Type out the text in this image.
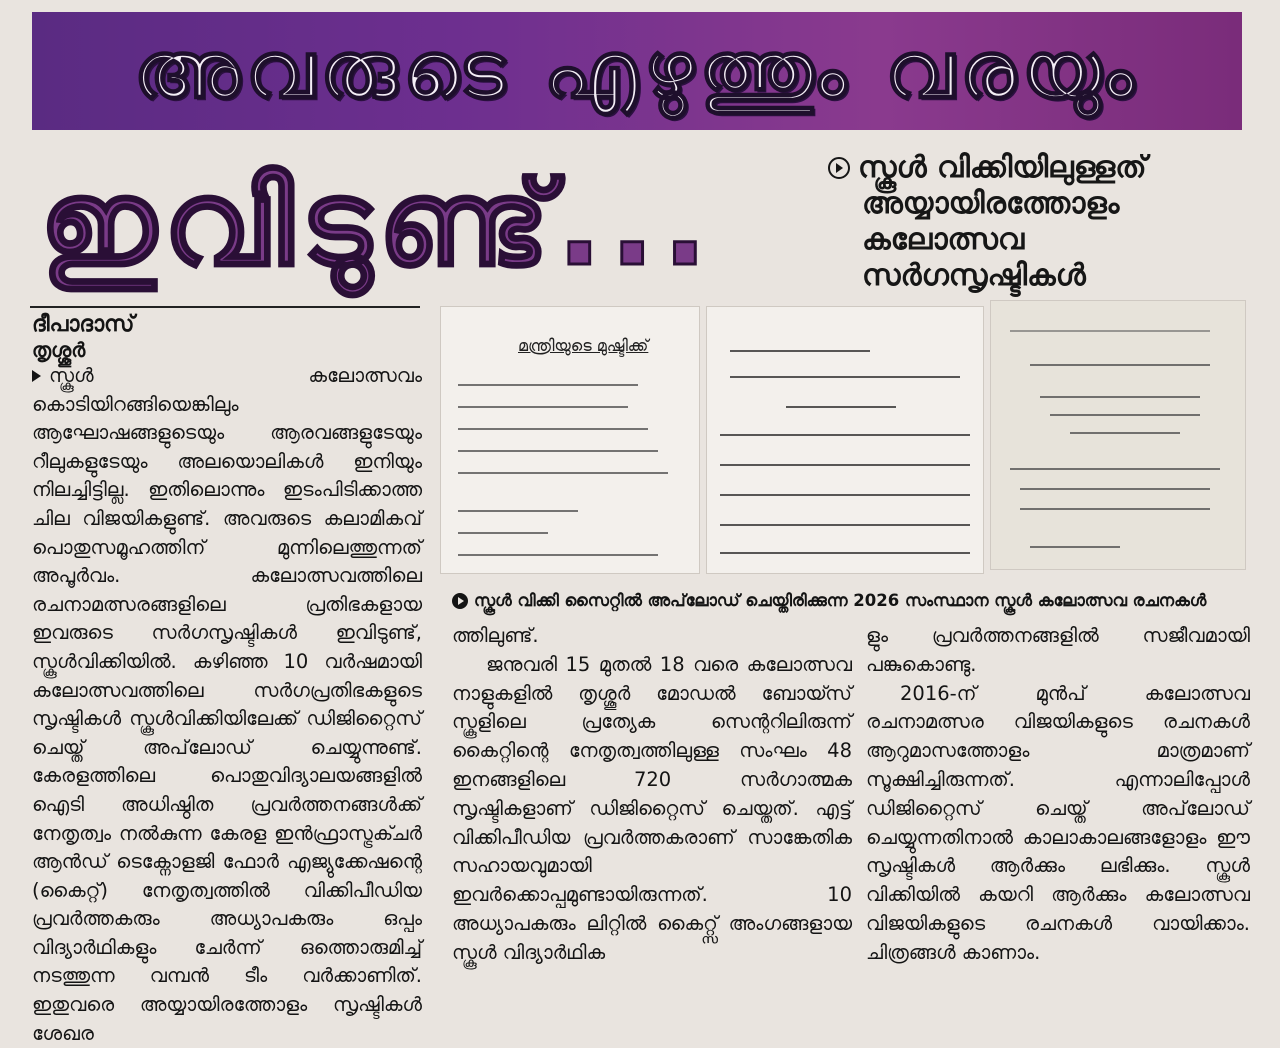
അവരുടെ എഴുത്തും വരയും
ഇവിടുണ്ട്...	സ്കൂൾ വിക്കിയിലുള്ളത്
അയ്യായിരത്തോളം
കലോത്സവ
സർഗസൃഷ്ടികൾ
ദീപാദാസ്
തൃശ്ശൂർ

സ്കൂൾ കലോത്സവം കൊടിയിറങ്ങിയെങ്കിലും ആഘോഷങ്ങളുടെയും ആരവങ്ങളുടേയും റീലുകളുടേയും അലയൊലികൾ ഇനിയും നിലച്ചിട്ടില്ല. ഇതിലൊന്നും ഇടംപിടിക്കാത്ത ചില വിജയികളുണ്ട്. അവരുടെ കലാമികവ് പൊതുസമൂഹത്തിന് മുന്നിലെത്തുന്നത് അപൂർവം. കലോത്സവത്തിലെ രചനാമത്സരങ്ങളിലെ പ്രതിഭകളായ ഇവരുടെ സർഗസൃഷ്ടികൾ ഇവിടുണ്ട്, സ്കൂൾവിക്കിയിൽ. കഴിഞ്ഞ 10 വർഷമായി കലോത്സവത്തിലെ സർഗപ്രതിഭകളുടെ സൃഷ്ടികൾ സ്കൂൾവിക്കിയിലേക്ക് ഡിജിറ്റൈസ് ചെയ്ത് അപ്‌ലോഡ് ചെയ്യുന്നുണ്ട്. കേരളത്തിലെ പൊതുവിദ്യാലയങ്ങളിൽ ഐടി അധിഷ്ഠിത പ്രവർത്തനങ്ങൾക്ക് നേതൃത്വം നൽകുന്ന കേരള ഇൻഫ്രാസ്ട്രക്ചർ ആൻഡ് ടെക്നോളജി ഫോർ എജ്യുക്കേഷന്റെ (കൈറ്റ്) നേതൃത്വത്തിൽ വിക്കിപീഡിയ പ്രവർത്തകരും അധ്യാപകരും ഒപ്പം വിദ്യാർഥികളും ചേർന്ന് ഒത്തൊരുമിച്ച് നടത്തുന്ന വമ്പൻ ടീം വർക്കാണിത്. ഇതുവരെ അയ്യായിരത്തോളം സൃഷ്ടികൾ ശേഖര

മന്ത്രിയുടെ മുഷ്ടിക്ക്
സ്കൂൾ വിക്കി സൈറ്റിൽ അപ്‌ലോഡ് ചെയ്തിരിക്കുന്ന 2026 സംസ്ഥാന സ്കൂൾ കലോത്സവ രചനകൾ

ത്തിലുണ്ട്.

ജനുവരി 15 മുതൽ 18 വരെ കലോത്സവ നാളുകളിൽ തൃശ്ശൂർ മോഡൽ ബോയ്സ് സ്കൂളിലെ പ്രത്യേക സെന്ററിലിരുന്ന് കൈറ്റിന്റെ നേതൃത്വത്തിലുള്ള സംഘം 48 ഇനങ്ങളിലെ 720 സർഗാത്മക സൃഷ്ടികളാണ് ഡിജിറ്റൈസ് ചെയ്തത്. എട്ട് വിക്കിപീഡിയ പ്രവർത്തകരാണ് സാങ്കേതിക സഹായവുമായി ഇവർക്കൊപ്പമുണ്ടായിരുന്നത്. 10 അധ്യാപകരും ലിറ്റിൽ കൈറ്റ്സ് അംഗങ്ങളായ സ്കൂൾ വിദ്യാർഥിക

ളും പ്രവർത്തനങ്ങളിൽ സജീവമായി പങ്കുകൊണ്ടു.

2016-ന് മുൻപ് കലോത്സവ രചനാമത്സര വിജയികളുടെ രചനകൾ ആറുമാസത്തോളം മാത്രമാണ് സൂക്ഷിച്ചിരുന്നത്. എന്നാലിപ്പോൾ ഡിജിറ്റൈസ് ചെയ്ത് അപ്‌ലോഡ് ചെയ്യുന്നതിനാൽ കാലാകാലങ്ങളോളം ഈ സൃഷ്ടികൾ ആർക്കും ലഭിക്കും. സ്കൂൾ വിക്കിയിൽ കയറി ആർക്കും കലോത്സവ വിജയികളുടെ രചനകൾ വായിക്കാം. ചിത്രങ്ങൾ കാണാം.
